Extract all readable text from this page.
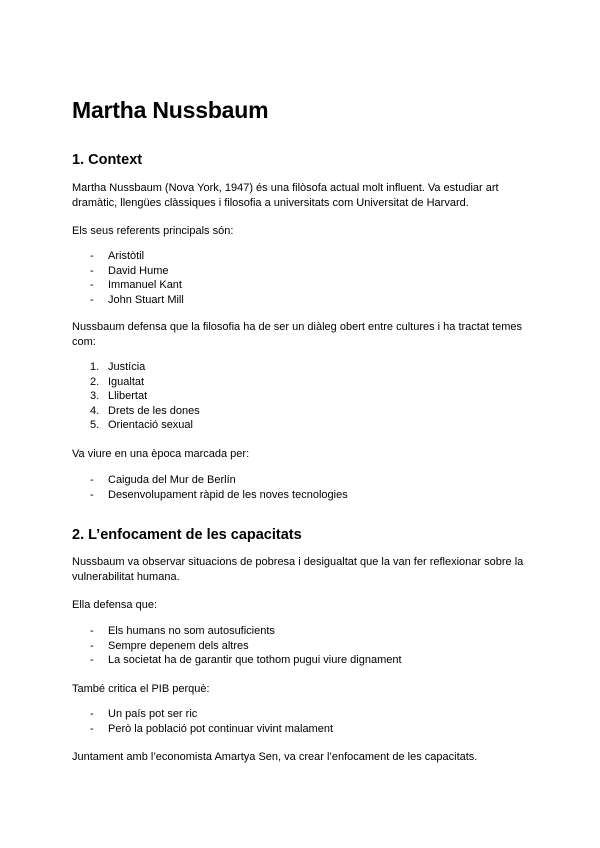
Martha Nussbaum
1. Context

Martha Nussbaum (Nova York, 1947) és una filòsofa actual molt influent. Va estudiar art

dramàtic, llengües clàssiques i filosofia a universitats com Universitat de Harvard.

Els seus referents principals són:

- Aristòtil
- David Hume
- Immanuel Kant
- John Stuart Mill

Nussbaum defensa que la filosofia ha de ser un diàleg obert entre cultures i ha tractat temes

com:

1. Justícia
2. Igualtat
3. Llibertat
4. Drets de les dones
5. Orientació sexual

Va viure en una època marcada per:

- Caiguda del Mur de Berlín
- Desenvolupament ràpid de les noves tecnologies
2. L’enfocament de les capacitats

Nussbaum va observar situacions de pobresa i desigualtat que la van fer reflexionar sobre la

vulnerabilitat humana.

Ella defensa que:

- Els humans no som autosuficients
- Sempre depenem dels altres
- La societat ha de garantir que tothom pugui viure dignament

També critica el PIB perquè:

- Un país pot ser ric
- Però la població pot continuar vivint malament

Juntament amb l’economista Amartya Sen, va crear l’enfocament de les capacitats.
